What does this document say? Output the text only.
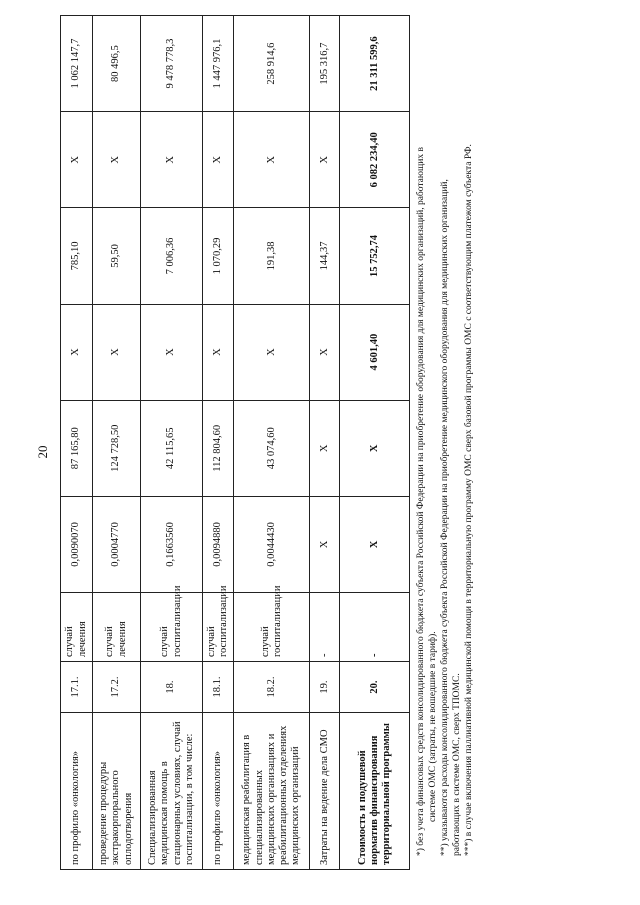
20
по профилю «онкология»	17.1.	случай лечения	0,0090070	87 165,80	X	785,10	X	1 062 147,7
проведение процедуры экстракорпорального оплодотворения	17.2.	случай лечения	0,0004770	124 728,50	X	59,50	X	80 496,5
Специализированная медицинская помощь в стационарных условиях, случай госпитализации, в том числе:	18.	случай госпитализации	0,1663560	42 115,65	X	7 006,36	X	9 478 778,3
по профилю «онкология»	18.1.	случай госпитализации	0,0094880	112 804,60	X	1 070,29	X	1 447 976,1
медицинская реабилитация в специализированных медицинских организациях и реабилитационных отделениях медицинских организаций	18.2.	случай госпитализации	0,0044430	43 074,60	X	191,38	X	258 914,6
Затраты на ведение дела СМО	19.	-	X	X	X	144,37	X	195 316,7
Стоимость и подушевой норматив финансирования территориальной программы	20.	-	X	X	4 601,40	15 752,74	6 082 234,40	21 311 599,6

*) без учета финансовых средств консолидированного бюджета субъекта Российской Федерации на приобретение оборудования для медицинских организаций, работающих в системе ОМС (затраты, не вошедшие в тариф). **) указываются расходы консолидированного бюджета субъекта Российской Федерации на приобретение медицинского оборудования для медицинских организаций, работающих в системе ОМС, сверх ТПОМС. ***) в случае включения паллиативной медицинской помощи в территориальную программу ОМС сверх базовой программы ОМС с соответствующим платежом субъекта РФ.
